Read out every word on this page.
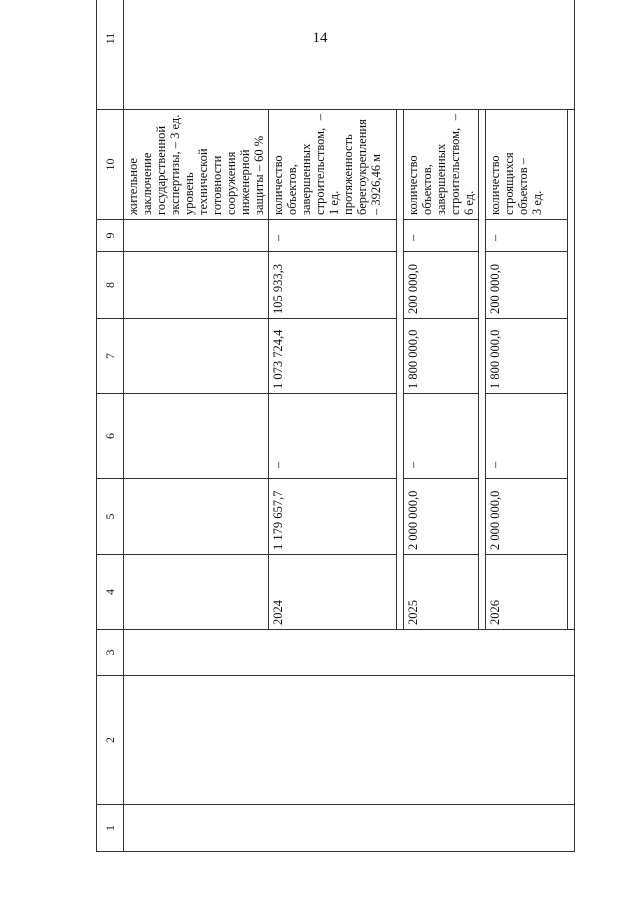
14
1	2	3	4	5	6	7	8	9	10	11
									жительное заключение государственной экспертизы, – 3 ед.
уровень технической готовности сооружения инженерной защиты – 60 %	
			2024	1 179 657,7	–	1 073 724,4	105 933,3	–	количество объектов, завершенных строительством, – 1 ед.
протяженность берегоукрепления – 3926,46 м	

			2025	2 000 000,0	–	1 800 000,0	200 000,0	–	количество объектов, завершенных строительством, – 6 ед.	

			2026	2 000 000,0	–	1 800 000,0	200 000,0	–	количество строящихся объектов –
3 ед.	
